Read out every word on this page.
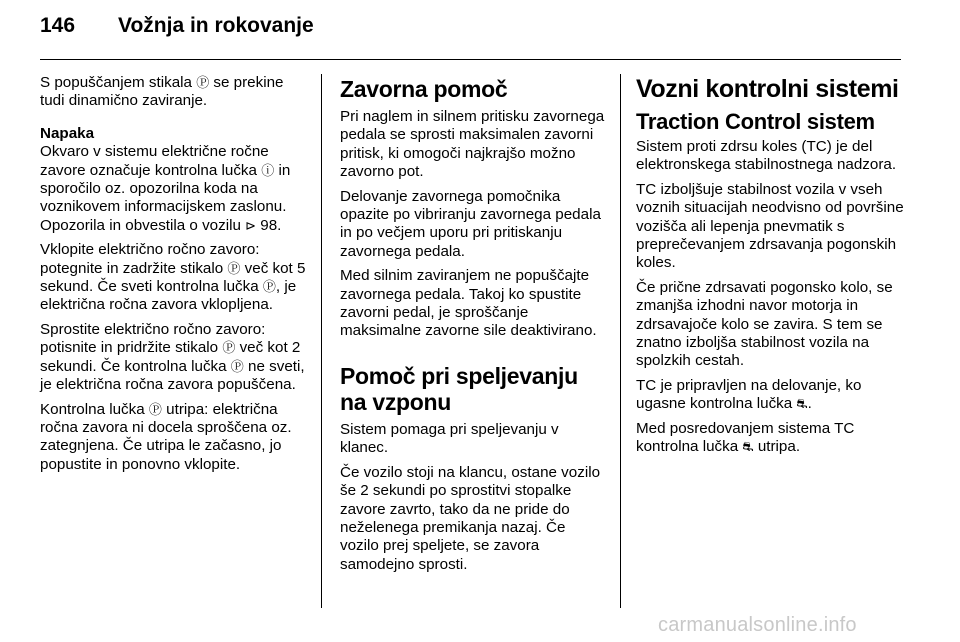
146	Vožnja in rokovanje

S popuščanjem stikala Ⓟ se prekine tudi dinamično zaviranje.

Napaka

Okvaro v sistemu električne ročne zavore označuje kontrolna lučka ⓘ in sporočilo oz. opozorilna koda na voznikovem informacijskem zaslonu. Opozorila in obvestila o vozilu ⊳ 98.

Vklopite električno ročno zavoro: potegnite in zadržite stikalo Ⓟ več kot 5 sekund. Če sveti kontrolna lučka Ⓟ, je električna ročna zavora vklopljena.

Sprostite električno ročno zavoro: potisnite in pridržite stikalo Ⓟ več kot 2 sekundi. Če kontrolna lučka Ⓟ ne sveti, je električna ročna zavora popuščena.

Kontrolna lučka Ⓟ utripa: električna ročna zavora ni docela sproščena oz. zategnjena. Če utripa le začasno, jo popustite in ponovno vklopite.

Zavorna pomoč

Pri naglem in silnem pritisku zavornega pedala se sprosti maksimalen zavorni pritisk, ki omogoči najkrajšo možno zavorno pot.

Delovanje zavornega pomočnika opazite po vibriranju zavornega pedala in po večjem uporu pri pritiskanju zavornega pedala.

Med silnim zaviranjem ne popuščajte zavornega pedala. Takoj ko spustite zavorni pedal, je sproščanje maksimalne zavorne sile deaktivirano.

Pomoč pri speljevanju na vzponu

Sistem pomaga pri speljevanju v klanec.

Če vozilo stoji na klancu, ostane vozilo še 2 sekundi po sprostitvi stopalke zavore zavrto, tako da ne pride do neželenega premikanja nazaj. Če vozilo prej speljete, se zavora samodejno sprosti.

Vozni kontrolni sistemi
Traction Control sistem

Sistem proti zdrsu koles (TC) je del elektronskega stabilnostnega nadzora.

TC izboljšuje stabilnost vozila v vseh voznih situacijah neodvisno od površine vozišča ali lepenja pnevmatik s preprečevanjem zdrsavanja pogonskih koles.

Če prične zdrsavati pogonsko kolo, se zmanjša izhodni navor motorja in zdrsavajoče kolo se zavira. S tem se znatno izboljša stabilnost vozila na spolzkih cestah.

TC je pripravljen na delovanje, ko ugasne kontrolna lučka ⛐.

Med posredovanjem sistema TC kontrolna lučka ⛐ utripa.

carmanualsonline.info
